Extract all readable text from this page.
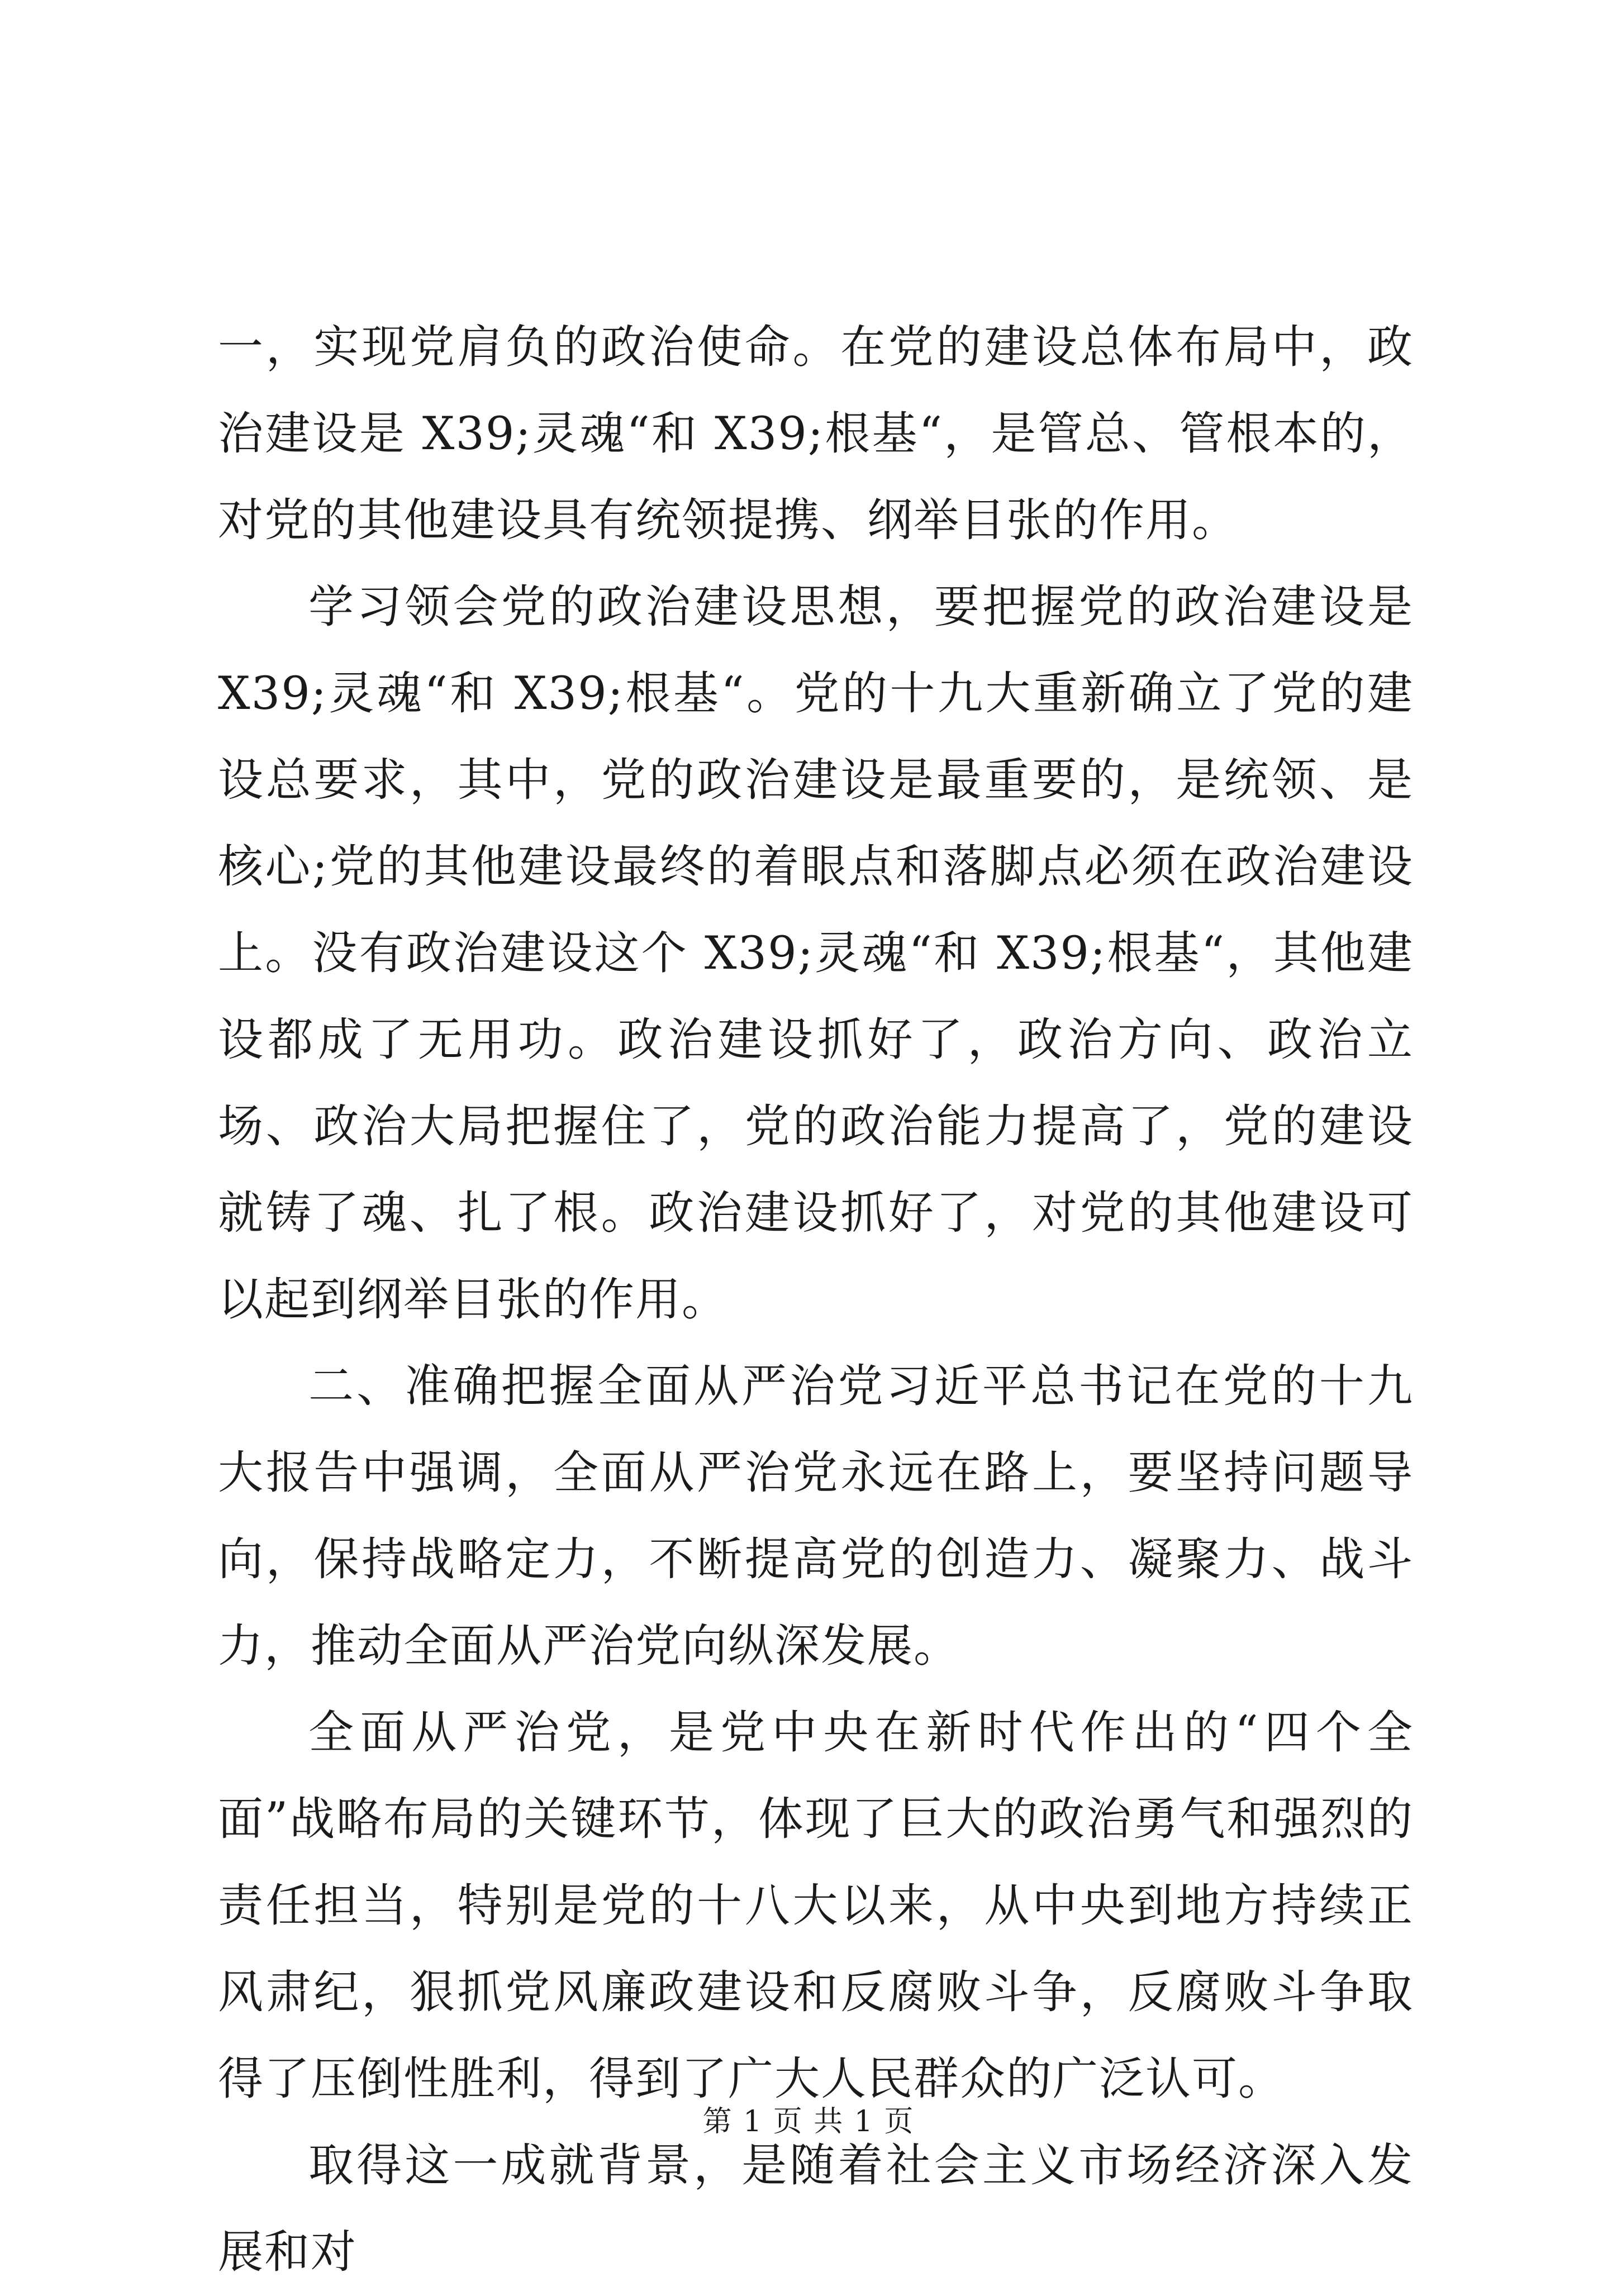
一，实现党肩负的政治使命。在党的建设总体布局中，政治建设是 X39;灵魂“和 X39;根基“，是管总、管根本的，对党的其他建设具有统领提携、纲举目张的作用。

学习领会党的政治建设思想，要把握党的政治建设是 X39;灵魂“和 X39;根基“。党的十九大重新确立了党的建设总要求，其中，党的政治建设是最重要的，是统领、是核心;党的其他建设最终的着眼点和落脚点必须在政治建设上。没有政治建设这个 X39;灵魂“和 X39;根基“，其他建设都成了无用功。政治建设抓好了，政治方向、政治立场、政治大局把握住了，党的政治能力提高了，党的建设就铸了魂、扎了根。政治建设抓好了，对党的其他建设可以起到纲举目张的作用。

二、准确把握全面从严治党习近平总书记在党的十九大报告中强调，全面从严治党永远在路上，要坚持问题导向，保持战略定力，不断提高党的创造力、凝聚力、战斗力，推动全面从严治党向纵深发展。

全面从严治党，是党中央在新时代作出的“四个全面”战略布局的关键环节，体现了巨大的政治勇气和强烈的责任担当，特别是党的十八大以来，从中央到地方持续正风肃纪，狠抓党风廉政建设和反腐败斗争，反腐败斗争取得了压倒性胜利，得到了广大人民群众的广泛认可。

取得这一成就背景，是随着社会主义市场经济深入发展和对

第 1 页 共 1 页
